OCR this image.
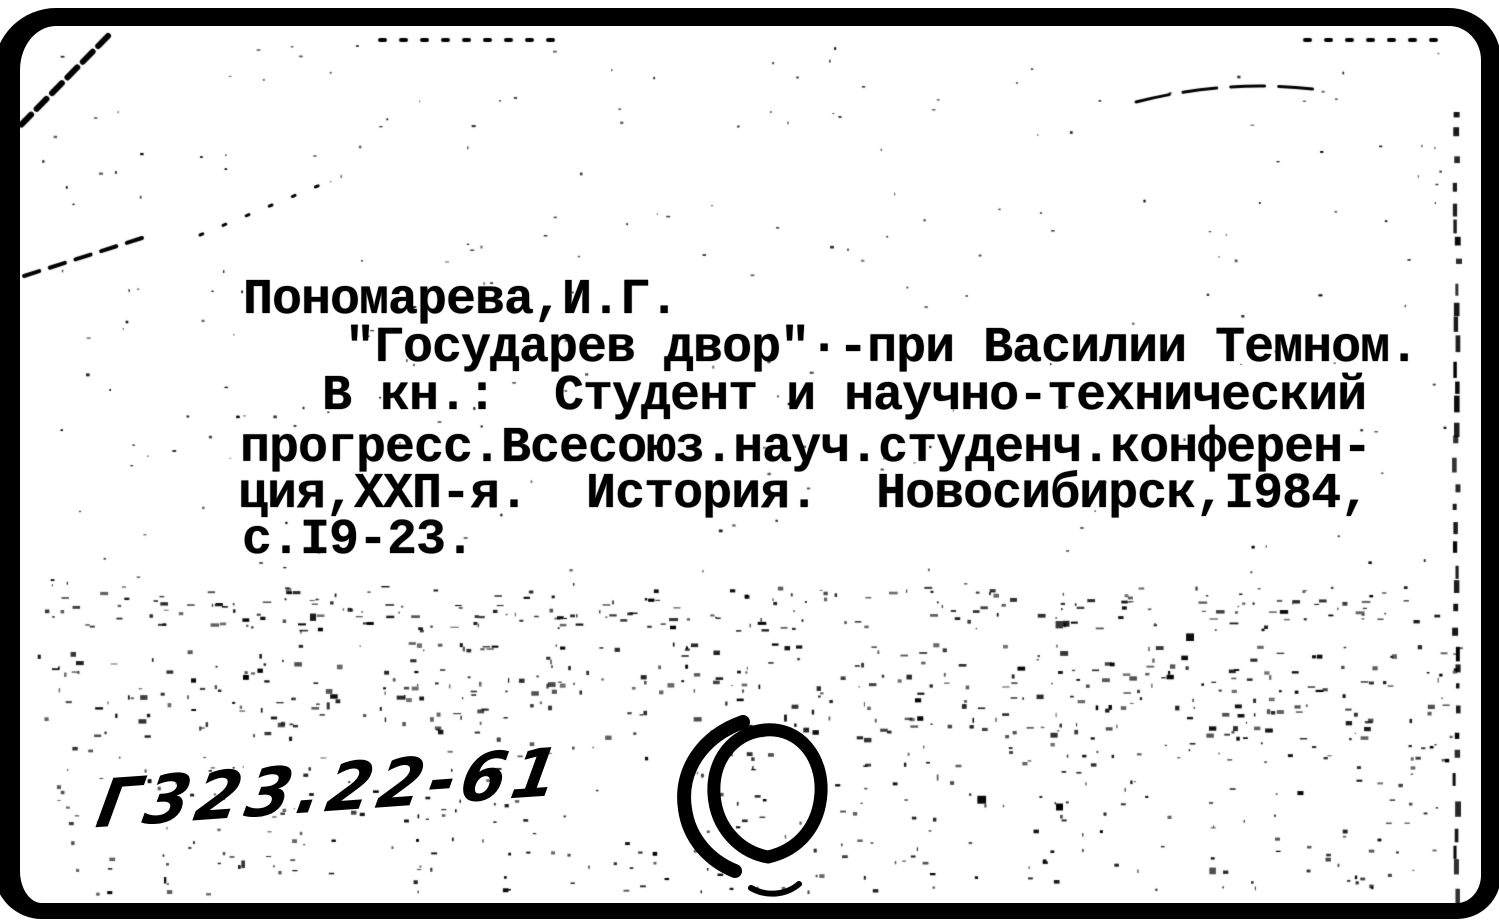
Пономарева,И.Г.
"Государев двор"·-при Василии Темном.
В кн.:  Студент и научно-технический
прогресс.Всесоюз.науч.студенч.конферен-
ция,ХХП-я.  История.  Новосибирск,I984,
с.I9-23.
Г323.22-61
